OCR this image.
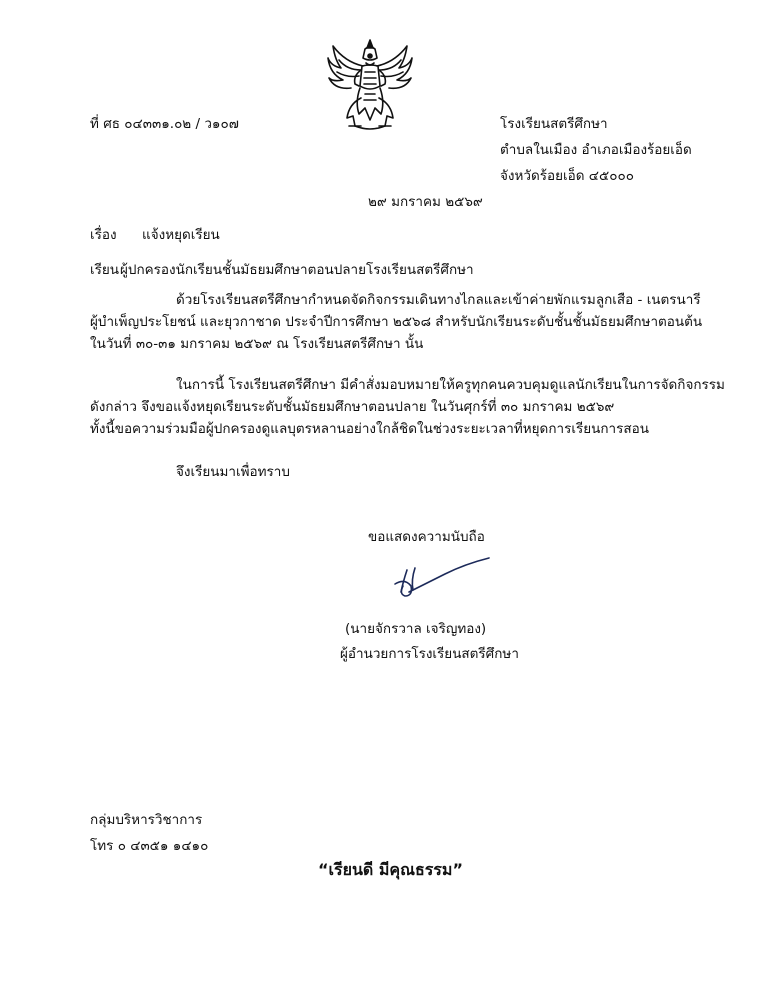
ที่ ศธ ๐๔๓๓๑.๐๒ / ว๑๐๗	โรงเรียนสตรีศึกษา
ตำบลในเมือง อำเภอเมืองร้อยเอ็ด
จังหวัดร้อยเอ็ด ๔๕๐๐๐
๒๙ มกราคม ๒๕๖๙
เรื่อง แจ้งหยุดเรียน
เรียน ผู้ปกครองนักเรียนชั้นมัธยมศึกษาตอนปลายโรงเรียนสตรีศึกษา
ด้วยโรงเรียนสตรีศึกษากำหนดจัดกิจกรรมเดินทางไกลและเข้าค่ายพักแรมลูกเสือ - เนตรนารี
ผู้บำเพ็ญประโยชน์ และยุวกาชาด ประจำปีการศึกษา ๒๕๖๘ สำหรับนักเรียนระดับชั้นชั้นมัธยมศึกษาตอนต้น
ในวันที่ ๓๐-๓๑ มกราคม ๒๕๖๙ ณ โรงเรียนสตรีศึกษา นั้น
ในการนี้ โรงเรียนสตรีศึกษา มีคำสั่งมอบหมายให้ครูทุกคนควบคุมดูแลนักเรียนในการจัดกิจกรรม
ดังกล่าว จึงขอแจ้งหยุดเรียนระดับชั้นมัธยมศึกษาตอนปลาย ในวันศุกร์ที่ ๓๐ มกราคม ๒๕๖๙
ทั้งนี้ขอความร่วมมือผู้ปกครองดูแลบุตรหลานอย่างใกล้ชิดในช่วงระยะเวลาที่หยุดการเรียนการสอน
จึงเรียนมาเพื่อทราบ
ขอแสดงความนับถือ
(นายจักรวาล เจริญทอง)
ผู้อำนวยการโรงเรียนสตรีศึกษา
กลุ่มบริหารวิชาการ
โทร ๐ ๔๓๕๑ ๑๔๑๐
“เรียนดี มีคุณธรรม”
